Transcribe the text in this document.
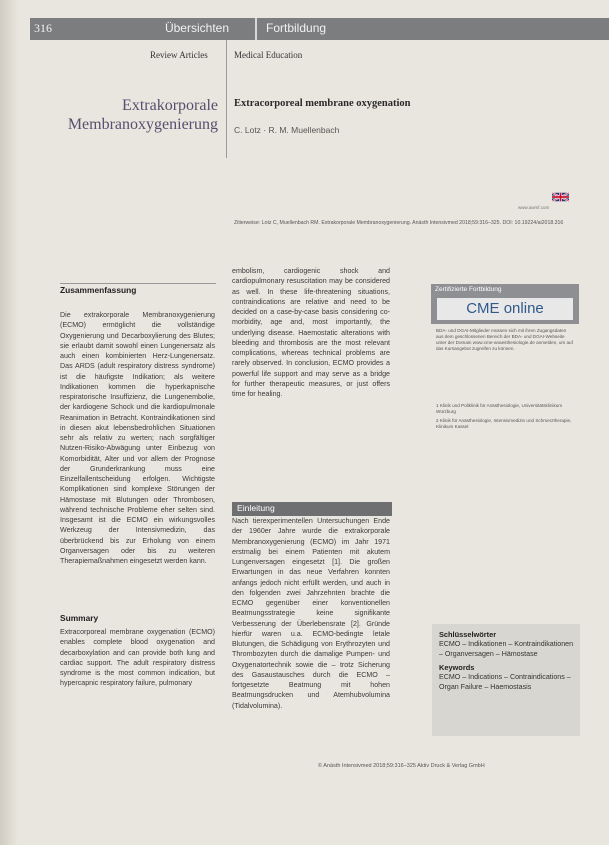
316	Übersichten	Fortbildung
Review Articles	Medical Education
Extrakorporale Membranoxygenierung
Extracorporeal membrane oxygenation
C. Lotz · R. M. Muellenbach
www.awmf.com
Zitierweise: Lotz C, Muellenbach RM. Extrakorporale Membranoxygenierung. Anästh Intensivmed 2018;59:316–325. DOI: 10.19224/ai2018.316
Zusammenfassung
Die extrakorporale Membranoxygenierung (ECMO) ermöglicht die vollständige Oxygenierung und Decarboxylierung des Blutes; sie erlaubt damit sowohl einen Lungenersatz als auch einen kombinierten Herz-Lungenersatz. Das ARDS (adult respiratory distress syndrome) ist die häufigste Indikation; als weitere Indikationen kommen die hyperkapnische respiratorische Insuffizienz, die Lungenembolie, der kardiogene Schock und die kardiopulmonale Reanimation in Betracht. Kontraindikationen sind in diesen akut lebensbedrohlichen Situationen sehr als relativ zu werten; nach sorgfältiger Nutzen-Risiko-Abwägung unter Einbezug von Komorbidität, Alter und vor allem der Prognose der Grunderkrankung muss eine Einzelfallentscheidung erfolgen. Wichtigste Komplikationen sind komplexe Störungen der Hämostase mit Blutungen oder Thrombosen, während technische Probleme eher selten sind. Insgesamt ist die ECMO ein wirkungsvolles Werkzeug der Intensivmedizin, das überbrückend bis zur Erholung von einem Organversagen oder bis zu weiteren Therapiemaßnahmen eingesetzt werden kann.
Summary
Extracorporeal membrane oxygenation (ECMO) enables complete blood oxygenation and decarboxylation and can provide both lung and cardiac support. The adult respiratory distress syndrome is the most common indication, but hypercapnic respiratory failure, pulmonary
embolism, cardiogenic shock and cardiopulmonary resuscitation may be considered as well. In these life-threatening situations, contraindications are relative and need to be decided on a case-by-case basis considering co-morbidity, age and, most importantly, the underlying disease. Haemostatic alterations with bleeding and thrombosis are the most relevant complications, whereas technical problems are rarely observed. In conclusion, ECMO provides a powerful life support and may serve as a bridge for further therapeutic measures, or just offers time for healing.
Einleitung
Nach tierexperimentellen Untersuchungen Ende der 1960er Jahre wurde die extrakorporale Membranoxygenierung (ECMO) im Jahr 1971 erstmalig bei einem Patienten mit akutem Lungenversagen eingesetzt [1]. Die großen Erwartungen in das neue Verfahren konnten anfangs jedoch nicht erfüllt werden, und auch in den folgenden zwei Jahrzehnten brachte die ECMO gegenüber einer konventionellen Beatmungsstrategie keine signifikante Verbesserung der Überlebensrate [2]. Gründe hierfür waren u.a. ECMO-bedingte letale Blutungen, die Schädigung von Erythrozyten und Thrombozyten durch die damalige Pumpen- und Oxygenatortechnik sowie die – trotz Sicherung des Gasaustausches durch die ECMO – fortgesetzte Beatmung mit hohen Beatmungsdrucken und Atemhubvolumina (Tidalvolumina).
Zertifizierte Fortbildung
CME online
BDA- und DGAI-Mitglieder müssen sich mit ihren Zugangsdaten aus dem geschlossenen Bereich der BDA- und DGAI-Webseite unter der Domain www.cme-anaesthesiologie.de anmelden, um auf das Kursangebot zugreifen zu können.
1 Klinik und Poliklinik für Anästhesiologie, Universitätsklinikum Würzburg
2 Klinik für Anästhesiologie, Intensivmedizin und Schmerztherapie, Klinikum Kassel
Schlüsselwörter
ECMO – Indikationen – Kontraindikationen – Organversagen – Hämostase
Keywords
ECMO – Indications – Contraindications – Organ Failure – Haemostasis
© Anästh Intensivmed 2018;59:316–325 Aktiv Druck & Verlag GmbH
